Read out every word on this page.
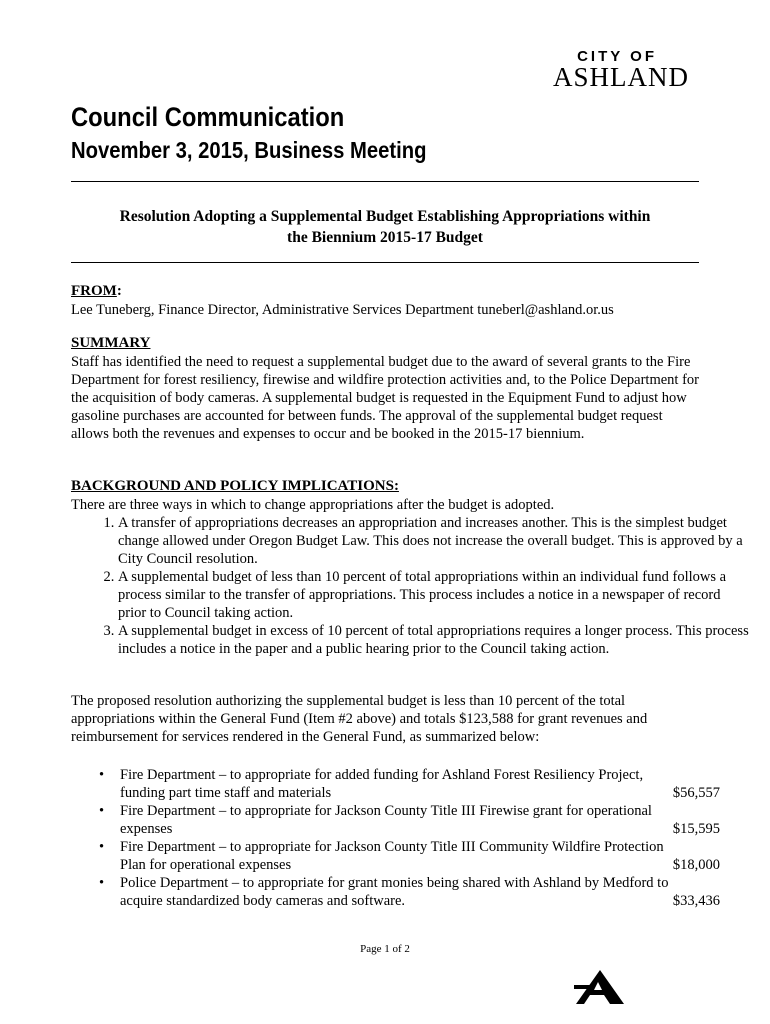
CITY OF
ASHLAND
Council Communication
November 3, 2015, Business Meeting
Resolution Adopting a Supplemental Budget Establishing Appropriations within
the Biennium 2015-17 Budget
FROM:
Lee Tuneberg, Finance Director, Administrative Services Department tuneberl@ashland.or.us
SUMMARY
Staff has identified the need to request a supplemental budget due to the award of several grants to the Fire Department for forest resiliency, firewise and wildfire protection activities and, to the Police Department for the acquisition of body cameras. A supplemental budget is requested in the Equipment Fund to adjust how gasoline purchases are accounted for between funds. The approval of the supplemental budget request allows both the revenues and expenses to occur and be booked in the 2015-17 biennium.
BACKGROUND AND POLICY IMPLICATIONS:
There are three ways in which to change appropriations after the budget is adopted.
1. A transfer of appropriations decreases an appropriation and increases another. This is the simplest budget change allowed under Oregon Budget Law. This does not increase the overall budget. This is approved by a City Council resolution.
2. A supplemental budget of less than 10 percent of total appropriations within an individual fund follows a process similar to the transfer of appropriations. This process includes a notice in a newspaper of record prior to Council taking action.
3. A supplemental budget in excess of 10 percent of total appropriations requires a longer process. This process includes a notice in the paper and a public hearing prior to the Council taking action.
The proposed resolution authorizing the supplemental budget is less than 10 percent of the total appropriations within the General Fund (Item #2 above) and totals $123,588 for grant revenues and reimbursement for services rendered in the General Fund, as summarized below:
• Fire Department – to appropriate for added funding for Ashland Forest Resiliency Project,
funding part time staff and materials	$56,557
• Fire Department – to appropriate for Jackson County Title III Firewise grant for operational
expenses	$15,595
• Fire Department – to appropriate for Jackson County Title III Community Wildfire Protection
Plan for operational expenses	$18,000
• Police Department – to appropriate for grant monies being shared with Ashland by Medford to
acquire standardized body cameras and software.	$33,436
Page 1 of 2
